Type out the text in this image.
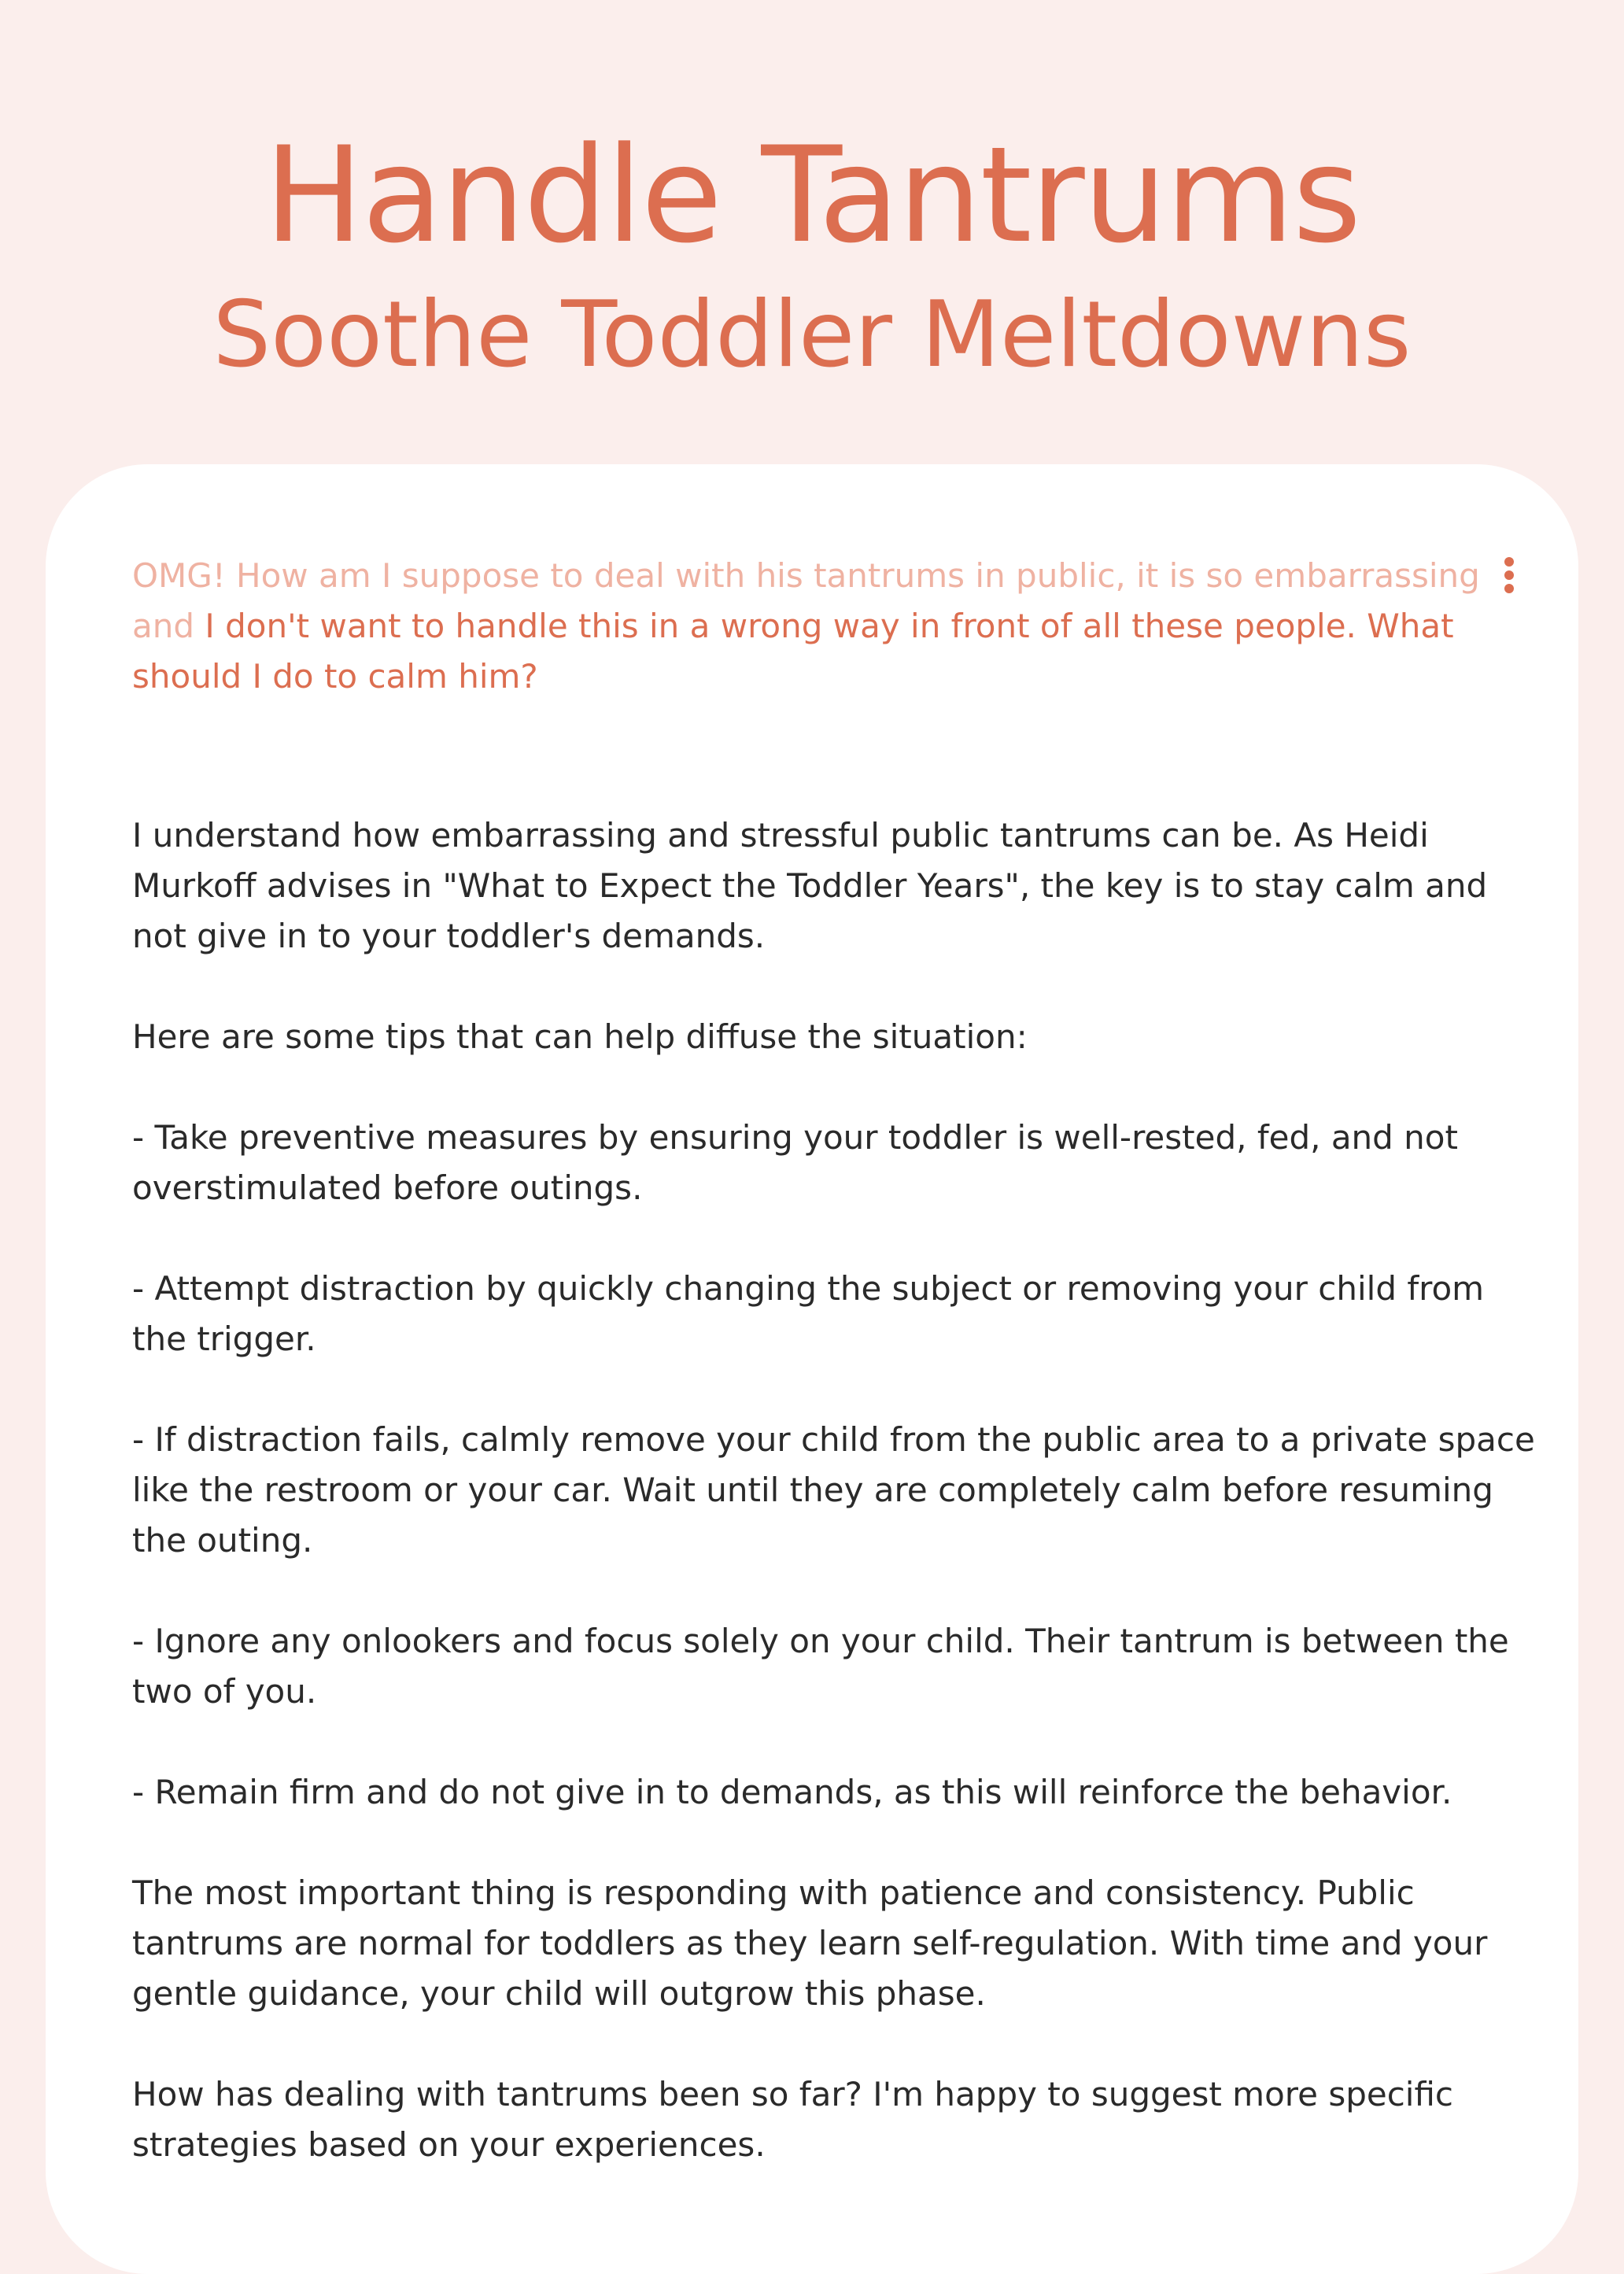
Handle Tantrums
Soothe Toddler Meltdowns
OMG! How am I suppose to deal with his tantrums in public, it is so embarrassing and I don't want to handle this in a wrong way in front of all these people. What should I do to calm him?

I understand how embarrassing and stressful public tantrums can be. As Heidi Murkoff advises in "What to Expect the Toddler Years", the key is to stay calm and not give in to your toddler's demands.

Here are some tips that can help diffuse the situation:

- Take preventive measures by ensuring your toddler is well-rested, fed, and not overstimulated before outings.

- Attempt distraction by quickly changing the subject or removing your child from the trigger.

- If distraction fails, calmly remove your child from the public area to a private space like the restroom or your car. Wait until they are completely calm before resuming the outing.

- Ignore any onlookers and focus solely on your child. Their tantrum is between the two of you.

- Remain firm and do not give in to demands, as this will reinforce the behavior.

The most important thing is responding with patience and consistency. Public tantrums are normal for toddlers as they learn self-regulation. With time and your gentle guidance, your child will outgrow this phase.

How has dealing with tantrums been so far? I'm happy to suggest more specific strategies based on your experiences.
